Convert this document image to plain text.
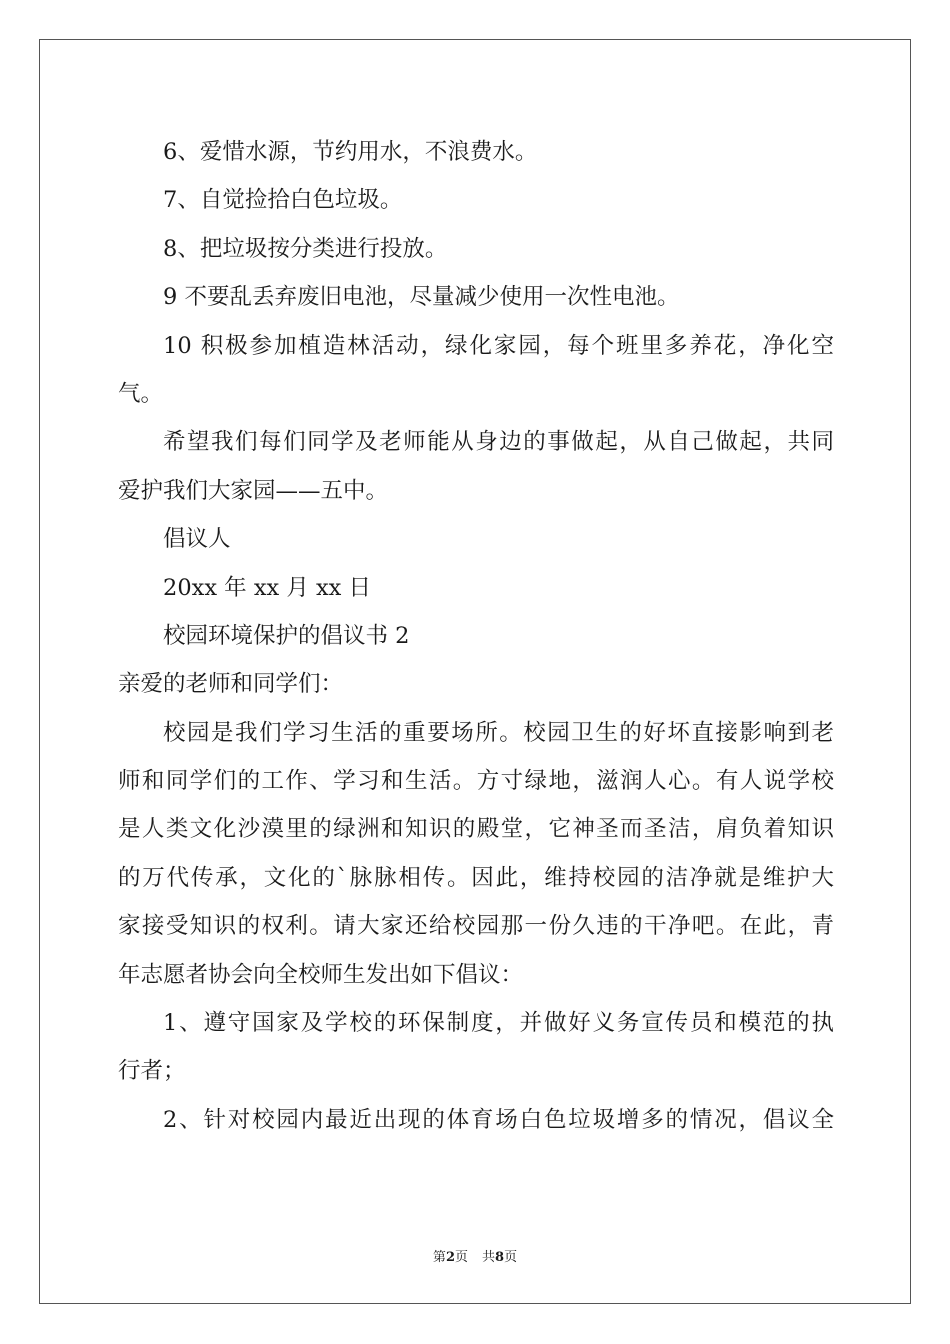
6、爱惜水源，节约用水，不浪费水。
7、自觉捡拾白色垃圾。
8、把垃圾按分类进行投放。
9 不要乱丢弃废旧电池，尽量减少使用一次性电池。
10 积极参加植造林活动，绿化家园，每个班里多养花，净化空
气。
希望我们每们同学及老师能从身边的事做起，从自己做起，共同
爱护我们大家园——五中。
倡议人
20xx 年 xx 月 xx 日
校园环境保护的倡议书 2
亲爱的老师和同学们：
校园是我们学习生活的重要场所。校园卫生的好坏直接影响到老
师和同学们的工作、学习和生活。方寸绿地，滋润人心。有人说学校
是人类文化沙漠里的绿洲和知识的殿堂，它神圣而圣洁，肩负着知识
的万代传承，文化的`脉脉相传。因此，维持校园的洁净就是维护大
家接受知识的权利。请大家还给校园那一份久违的干净吧。在此，青
年志愿者协会向全校师生发出如下倡议：
1、遵守国家及学校的环保制度，并做好义务宣传员和模范的执
行者；
2、针对校园内最近出现的体育场白色垃圾增多的情况，倡议全
第2页 共8页
